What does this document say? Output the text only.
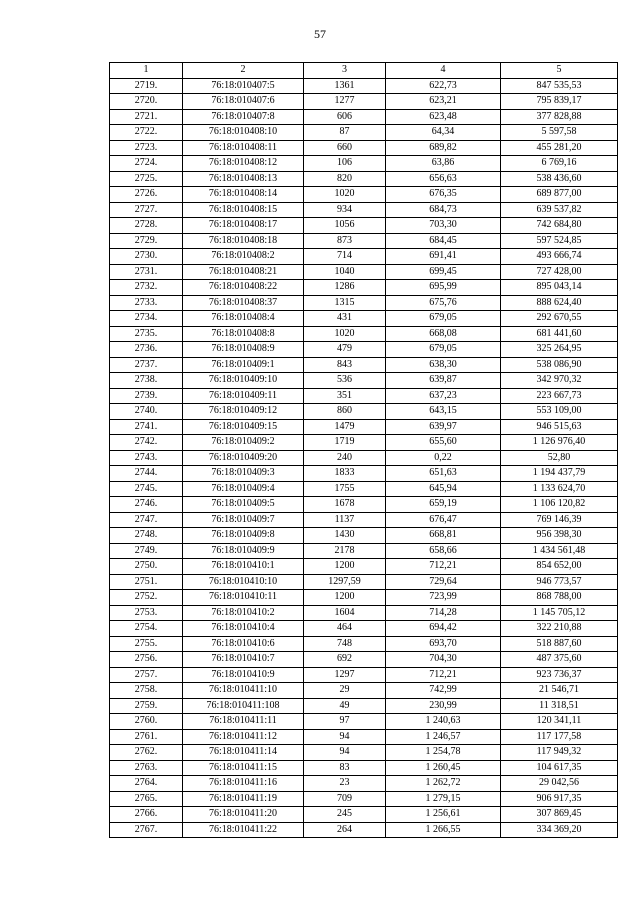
57
1	2	3	4	5
2719.	76:18:010407:5	1361	622,73	847 535,53
2720.	76:18:010407:6	1277	623,21	795 839,17
2721.	76:18:010407:8	606	623,48	377 828,88
2722.	76:18:010408:10	87	64,34	5 597,58
2723.	76:18:010408:11	660	689,82	455 281,20
2724.	76:18:010408:12	106	63,86	6 769,16
2725.	76:18:010408:13	820	656,63	538 436,60
2726.	76:18:010408:14	1020	676,35	689 877,00
2727.	76:18:010408:15	934	684,73	639 537,82
2728.	76:18:010408:17	1056	703,30	742 684,80
2729.	76:18:010408:18	873	684,45	597 524,85
2730.	76:18:010408:2	714	691,41	493 666,74
2731.	76:18:010408:21	1040	699,45	727 428,00
2732.	76:18:010408:22	1286	695,99	895 043,14
2733.	76:18:010408:37	1315	675,76	888 624,40
2734.	76:18:010408:4	431	679,05	292 670,55
2735.	76:18:010408:8	1020	668,08	681 441,60
2736.	76:18:010408:9	479	679,05	325 264,95
2737.	76:18:010409:1	843	638,30	538 086,90
2738.	76:18:010409:10	536	639,87	342 970,32
2739.	76:18:010409:11	351	637,23	223 667,73
2740.	76:18:010409:12	860	643,15	553 109,00
2741.	76:18:010409:15	1479	639,97	946 515,63
2742.	76:18:010409:2	1719	655,60	1 126 976,40
2743.	76:18:010409:20	240	0,22	52,80
2744.	76:18:010409:3	1833	651,63	1 194 437,79
2745.	76:18:010409:4	1755	645,94	1 133 624,70
2746.	76:18:010409:5	1678	659,19	1 106 120,82
2747.	76:18:010409:7	1137	676,47	769 146,39
2748.	76:18:010409:8	1430	668,81	956 398,30
2749.	76:18:010409:9	2178	658,66	1 434 561,48
2750.	76:18:010410:1	1200	712,21	854 652,00
2751.	76:18:010410:10	1297,59	729,64	946 773,57
2752.	76:18:010410:11	1200	723,99	868 788,00
2753.	76:18:010410:2	1604	714,28	1 145 705,12
2754.	76:18:010410:4	464	694,42	322 210,88
2755.	76:18:010410:6	748	693,70	518 887,60
2756.	76:18:010410:7	692	704,30	487 375,60
2757.	76:18:010410:9	1297	712,21	923 736,37
2758.	76:18:010411:10	29	742,99	21 546,71
2759.	76:18:010411:108	49	230,99	11 318,51
2760.	76:18:010411:11	97	1 240,63	120 341,11
2761.	76:18:010411:12	94	1 246,57	117 177,58
2762.	76:18:010411:14	94	1 254,78	117 949,32
2763.	76:18:010411:15	83	1 260,45	104 617,35
2764.	76:18:010411:16	23	1 262,72	29 042,56
2765.	76:18:010411:19	709	1 279,15	906 917,35
2766.	76:18:010411:20	245	1 256,61	307 869,45
2767.	76:18:010411:22	264	1 266,55	334 369,20
